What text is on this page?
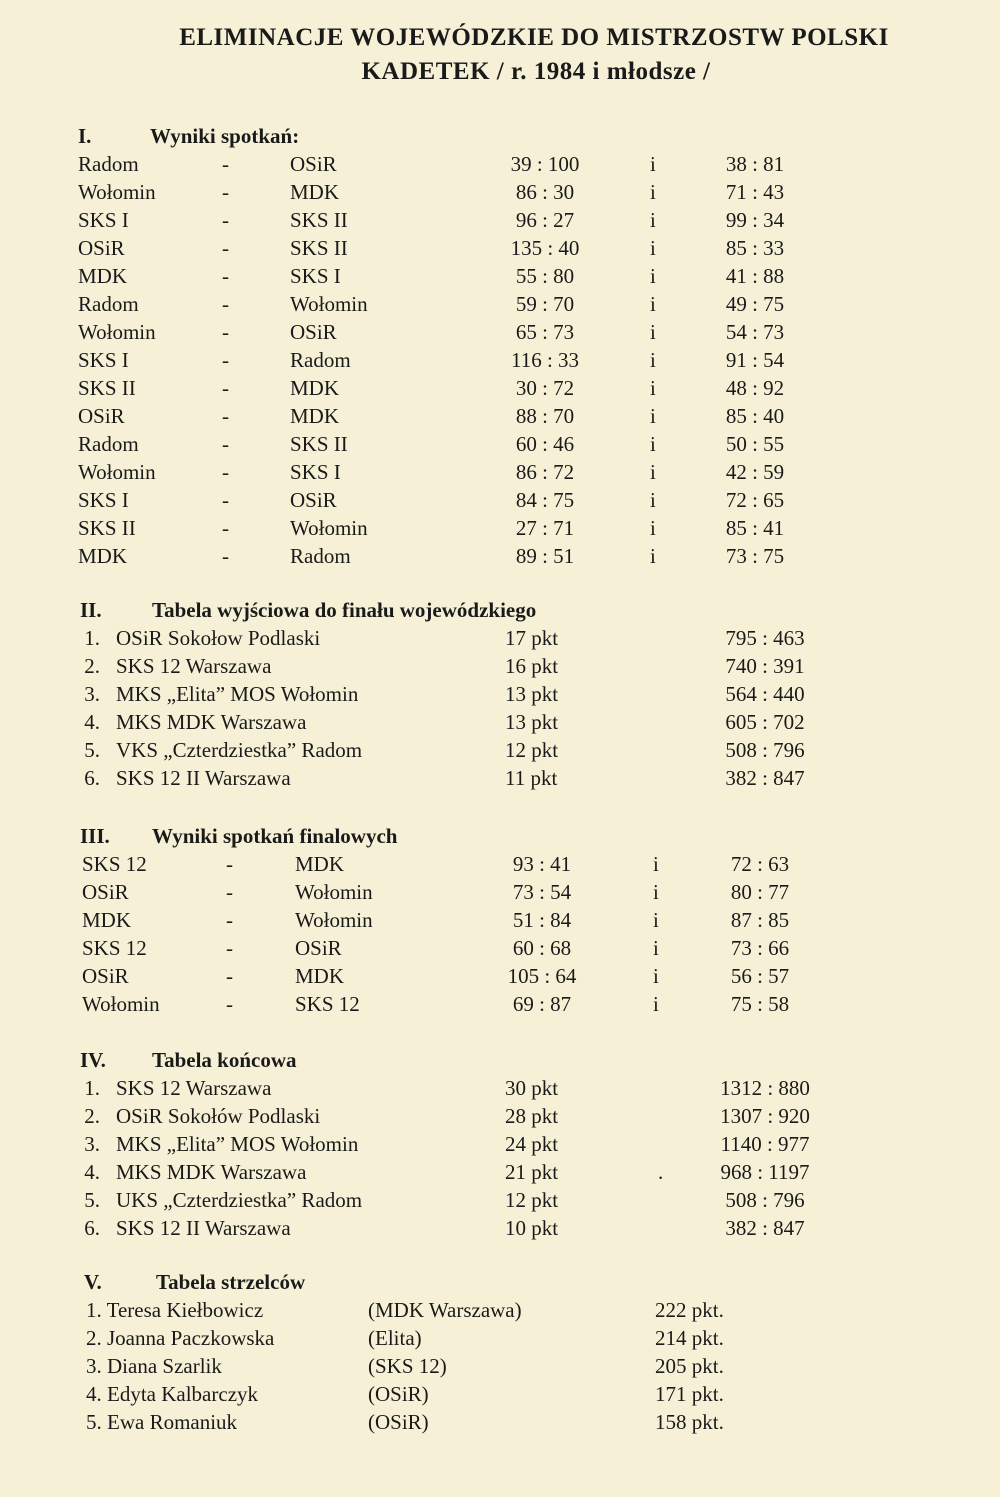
ELIMINACJE WOJEWÓDZKIE DO MISTRZOSTW POLSKI
KADETEK / r. 1984 i młodsze /
I.	Wyniki spotkań:
Radom	-	OSiR	39 : 100	i	38 : 81
Wołomin	-	MDK	86 : 30	i	71 : 43
SKS I	-	SKS II	96 : 27	i	99 : 34
OSiR	-	SKS II	135 : 40	i	85 : 33
MDK	-	SKS I	55 : 80	i	41 : 88
Radom	-	Wołomin	59 : 70	i	49 : 75
Wołomin	-	OSiR	65 : 73	i	54 : 73
SKS I	-	Radom	116 : 33	i	91 : 54
SKS II	-	MDK	30 : 72	i	48 : 92
OSiR	-	MDK	88 : 70	i	85 : 40
Radom	-	SKS II	60 : 46	i	50 : 55
Wołomin	-	SKS I	86 : 72	i	42 : 59
SKS I	-	OSiR	84 : 75	i	72 : 65
SKS II	-	Wołomin	27 : 71	i	85 : 41
MDK	-	Radom	89 : 51	i	73 : 75
II. Tabela wyjściowa do finału wojewódzkiego
1. OSiR Sokołow Podlaski	17 pkt	795 : 463
2. SKS 12 Warszawa	16 pkt	740 : 391
3. MKS „Elita” MOS Wołomin	13 pkt	564 : 440
4. MKS MDK Warszawa	13 pkt	605 : 702
5. VKS „Czterdziestka” Radom	12 pkt	508 : 796
6. SKS 12 II Warszawa	11 pkt	382 : 847
III. Wyniki spotkań finalowych
SKS 12	-	MDK	93 : 41	i	72 : 63
OSiR	-	Wołomin	73 : 54	i	80 : 77
MDK	-	Wołomin	51 : 84	i	87 : 85
SKS 12	-	OSiR	60 : 68	i	73 : 66
OSiR	-	MDK	105 : 64	i	56 : 57
Wołomin	-	SKS 12	69 : 87	i	75 : 58
IV. Tabela końcowa
1. SKS 12 Warszawa	30 pkt	1312 : 880
2. OSiR Sokołów Podlaski	28 pkt	1307 : 920
3. MKS „Elita” MOS Wołomin	24 pkt	1140 : 977
4. MKS MDK Warszawa	21 pkt	.	968 : 1197
5. UKS „Czterdziestka” Radom	12 pkt	508 : 796
6. SKS 12 II Warszawa	10 pkt	382 : 847
V.	Tabela strzelców
1. Teresa Kiełbowicz	(MDK Warszawa)	222 pkt.
2. Joanna Paczkowska	(Elita)	214 pkt.
3. Diana Szarlik	(SKS 12)	205 pkt.
4. Edyta Kalbarczyk	(OSiR)	171 pkt.
5. Ewa Romaniuk	(OSiR)	158 pkt.
